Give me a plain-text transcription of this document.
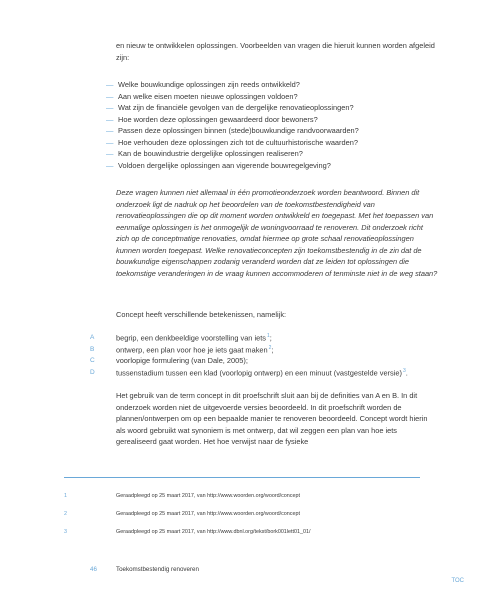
en nieuw te ontwikkelen oplossingen. Voorbeelden van vragen die hieruit kunnen worden afgeleid zijn:

— Welke bouwkundige oplossingen zijn reeds ontwikkeld?
— Aan welke eisen moeten nieuwe oplossingen voldoen?
— Wat zijn de financiële gevolgen van de dergelijke renovatieoplossingen?
— Hoe worden deze oplossingen gewaardeerd door bewoners?
— Passen deze oplossingen binnen (stede)bouwkundige randvoorwaarden?
— Hoe verhouden deze oplossingen zich tot de cultuurhistorische waarden?
— Kan de bouwindustrie dergelijke oplossingen realiseren?
— Voldoen dergelijke oplossingen aan vigerende bouwregelgeving?

Deze vragen kunnen niet allemaal in één promotieonderzoek worden beantwoord. Binnen dit onderzoek ligt de nadruk op het beoordelen van de toekomstbestendigheid van renovatieoplossingen die op dit moment worden ontwikkeld en toegepast. Met het toepassen van eenmalige oplossingen is het onmogelijk de woningvoorraad te renoveren. Dit onderzoek richt zich op de conceptmatige renovaties, omdat hiermee op grote schaal renovatieoplossingen kunnen worden toegepast. Welke renovatieconcepten zijn toekomstbestendig in de zin dat de bouwkundige eigenschappen zodanig veranderd worden dat ze leiden tot oplossingen die toekomstige veranderingen in de vraag kunnen accommoderen of tenminste niet in de weg staan?

Concept heeft verschillende betekenissen, namelijk:

A	begrip, een denkbeeldige voorstelling van iets$^1$;
B	ontwerp, een plan voor hoe je iets gaat maken$^2$;
C	voorlopige formulering (van Dale, 2005);
D	tussenstadium tussen een klad (voorlopig ontwerp) en een minuut (vastgestelde versie)$^3$.

Het gebruik van de term concept in dit proefschrift sluit aan bij de definities van A en B. In dit onderzoek worden niet de uitgevoerde versies beoordeeld. In dit proefschrift worden de plannen/ontwerpen om op een bepaalde manier te renoveren beoordeeld. Concept wordt hierin als woord gebruikt wat synoniem is met ontwerp, dat wil zeggen een plan van hoe iets gerealiseerd gaat worden. Het hoe verwijst naar de fysieke

1	Geraadpleegd op 25 maart 2017, van http://www.woorden.org/woord/concept
2	Geraadpleegd op 25 maart 2017, van http://www.woorden.org/woord/concept
3	Geraadpleegd op 25 maart 2017, van http://www.dbnl.org/tekst/bork001lett01_01/
46	Toekomstbestendig renoveren
TOC
